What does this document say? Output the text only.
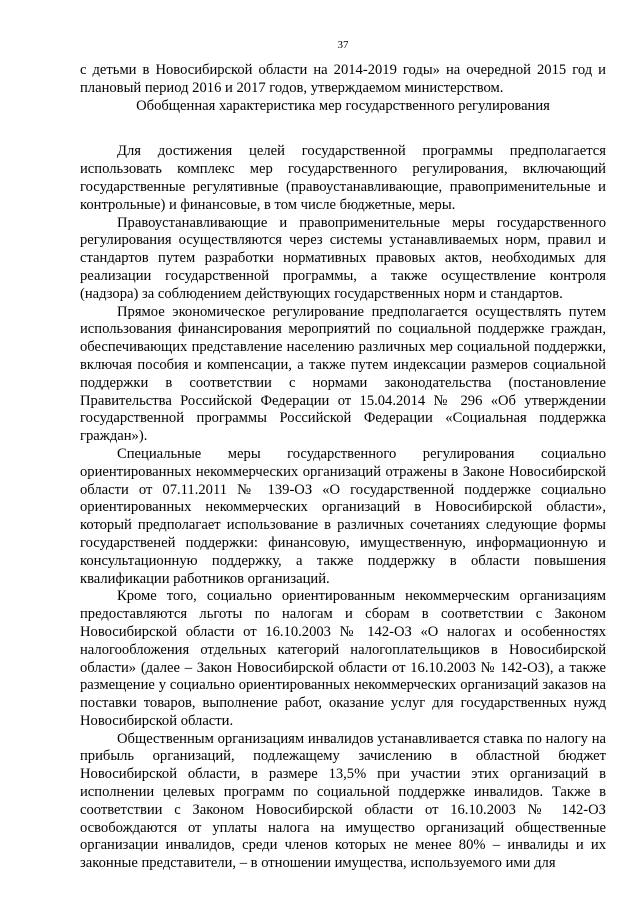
37

с детьми в Новосибирской области на 2014-2019 годы» на очередной 2015 год и плановый период 2016 и 2017 годов, утверждаемом министерством.

Обобщенная характеристика мер государственного регулирования

Для достижения целей государственной программы предполагается использовать комплекс мер государственного регулирования, включающий государственные регулятивные (правоустанавливающие, правоприменительные и контрольные) и финансовые, в том числе бюджетные, меры.

Правоустанавливающие и правоприменительные меры государственного регулирования осуществляются через системы устанавливаемых норм, правил и стандартов путем разработки нормативных правовых актов, необходимых для реализации государственной программы, а также осуществление контроля (надзора) за соблюдением действующих государственных норм и стандартов.

Прямое экономическое регулирование предполагается осуществлять путем использования финансирования мероприятий по социальной поддержке граждан, обеспечивающих представление населению различных мер социальной поддержки, включая пособия и компенсации, а также путем индексации размеров социальной поддержки в соответствии с нормами законодательства (постановление Правительства Российской Федерации от 15.04.2014 № 296 «Об утверждении государственной программы Российской Федерации «Социальная поддержка граждан»).

Специальные меры государственного регулирования социально ориентированных некоммерческих организаций отражены в Законе Новосибирской области от 07.11.2011 № 139-ОЗ «О государственной поддержке социально ориентированных некоммерческих организаций в Новосибирской области», который предполагает использование в различных сочетаниях следующие формы государственей поддержки: финансовую, имущественную, информационную и консультационную поддержку, а также поддержку в области повышения квалификации работников организаций.

Кроме того, социально ориентированным некоммерческим организациям предоставляются льготы по налогам и сборам в соответствии с Законом Новосибирской области от 16.10.2003 № 142-ОЗ «О налогах и особенностях налогообложения отдельных категорий налогоплательщиков в Новосибирской области» (далее – Закон Новосибирской области от 16.10.2003 № 142-ОЗ), а также размещение у социально ориентированных некоммерческих организаций заказов на поставки товаров, выполнение работ, оказание услуг для государственных нужд Новосибирской области.

Общественным организациям инвалидов устанавливается ставка по налогу на прибыль организаций, подлежащему зачислению в областной бюджет Новосибирской области, в размере 13,5% при участии этих организаций в исполнении целевых программ по социальной поддержке инвалидов. Также в соответствии с Законом Новосибирской области от 16.10.2003 № 142-ОЗ освобождаются от уплаты налога на имущество организаций общественные организации инвалидов, среди членов которых не менее 80% – инвалиды и их законные представители, – в отношении имущества, используемого ими для
